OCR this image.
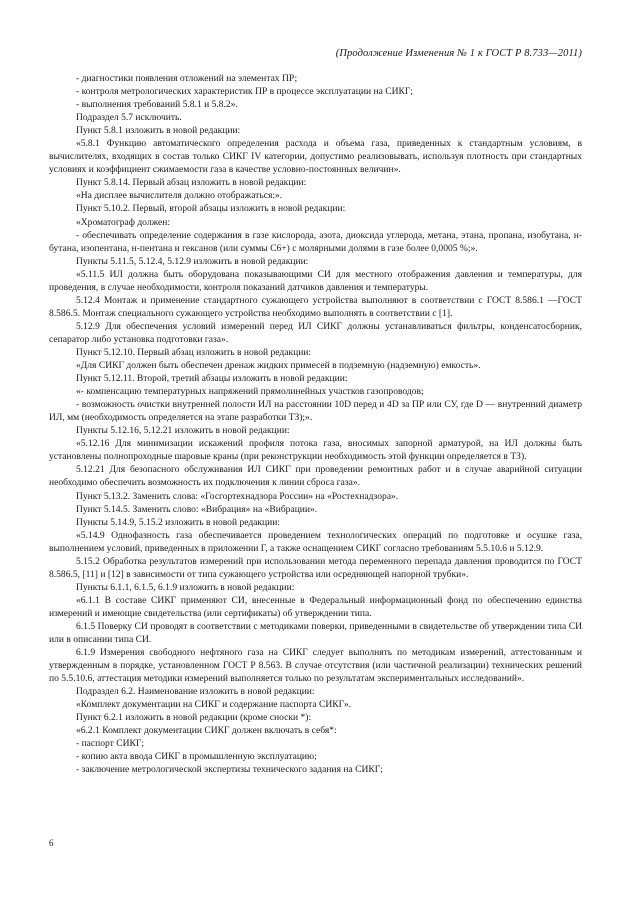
(Продолжение Изменения № 1 к ГОСТ Р 8.733—2011)

- диагностики появления отложений на элементах ПР;

- контроля метрологических характеристик ПР в процессе эксплуатации на СИКГ;

- выполнения требований 5.8.1 и 5.8.2».

Подраздел 5.7 исключить.

Пункт 5.8.1 изложить в новой редакции:

«5.8.1 Функцию автоматического определения расхода и объема газа, приведенных к стандартным условиям, в вычислителях, входящих в состав только СИКГ IV категории, допустимо реализовывать, используя плотность при стандартных условиях и коэффициент сжимаемости газа в качестве условно-постоянных величин».

Пункт 5.8.14. Первый абзац изложить в новой редакции:

«На дисплее вычислителя должно отображаться:».

Пункт 5.10.2. Первый, второй абзацы изложить в новой редакции:

«Хроматограф должен:

- обеспечивать определение содержания в газе кислорода, азота, диоксида углерода, метана, этана, пропана, изобутана, н-бутана, изопентана, н-пентана и гексанов (или суммы C6+) с молярными долями в газе более 0,0005 %;».

Пункты 5.11.5, 5.12.4, 5.12.9 изложить в новой редакции:

«5.11.5 ИЛ должна быть оборудована показывающими СИ для местного отображения давления и температуры, для проведения, в случае необходимости, контроля показаний датчиков давления и температуры.

5.12.4 Монтаж и применение стандартного сужающего устройства выполняют в соответствии с ГОСТ 8.586.1 —ГОСТ 8.586.5. Монтаж специального сужающего устройства необходимо выполнять в соответствии с [1].

5.12.9 Для обеспечения условий измерений перед ИЛ СИКГ должны устанавливаться фильтры, конденсатосборник, сепаратор либо установка подготовки газа».

Пункт 5.12.10. Первый абзац изложить в новой редакции:

«Для СИКГ должен быть обеспечен дренаж жидких примесей в подземную (надземную) емкость».

Пункт 5.12.11. Второй, третий абзацы изложить в новой редакции:

«- компенсацию температурных напряжений прямолинейных участков газопроводов;

- возможность очистки внутренней полости ИЛ на расстоянии 10D перед и 4D за ПР или СУ, где D — внутренний диаметр ИЛ, мм (необходимость определяется на этапе разработки ТЗ);».

Пункты 5.12.16, 5.12.21 изложить в новой редакции:

«5.12.16 Для минимизации искажений профиля потока газа, вносимых запорной арматурой, на ИЛ должны быть установлены полнопроходные шаровые краны (при реконструкции необходимость этой функции определяется в ТЗ).

5.12.21 Для безопасного обслуживания ИЛ СИКГ при проведении ремонтных работ и в случае аварийной ситуации необходимо обеспечить возможность их подключения к линии сброса газа».

Пункт 5.13.2. Заменить слова: «Госгортехнадзора России» на «Ростехнадзора».

Пункт 5.14.5. Заменить слово: «Вибрация» на «Вибрации».

Пункты 5.14.9, 5.15.2 изложить в новой редакции:

«5.14.9 Однофазность газа обеспечивается проведением технологических операций по подготовке и осушке газа, выполнением условий, приведенных в приложении Г, а также оснащением СИКГ согласно требованиям 5.5.10.6 и 5.12.9.

5.15.2 Обработка результатов измерений при использовании метода переменного перепада давления проводится по ГОСТ 8.586.5, [11] и [12] в зависимости от типа сужающего устройства или осредняющей напорной трубки».

Пункты 6.1.1, 6.1.5, 6.1.9 изложить в новой редакции:

«6.1.1 В составе СИКГ применяют СИ, внесенные в Федеральный информационный фонд по обеспечению единства измерений и имеющие свидетельства (или сертификаты) об утверждении типа.

6.1.5 Поверку СИ проводят в соответствии с методиками поверки, приведенными в свидетельстве об утверждении типа СИ или в описании типа СИ.

6.1.9 Измерения свободного нефтяного газа на СИКГ следует выполнять по методикам измерений, аттестованным и утвержденным в порядке, установленном ГОСТ Р 8.563. В случае отсутствия (или частичной реализации) технических решений по 5.5.10.6, аттестация методики измерений выполняется только по результатам экспериментальных исследований».

Подраздел 6.2. Наименование изложить в новой редакции:

«Комплект документации на СИКГ и содержание паспорта СИКГ».

Пункт 6.2.1 изложить в новой редакции (кроме сноски *):

«6.2.1 Комплект документации СИКГ должен включать в себя*:

- паспорт СИКГ;

- копию акта ввода СИКГ в промышленную эксплуатацию;

- заключение метрологической экспертизы технического задания на СИКГ;

6
